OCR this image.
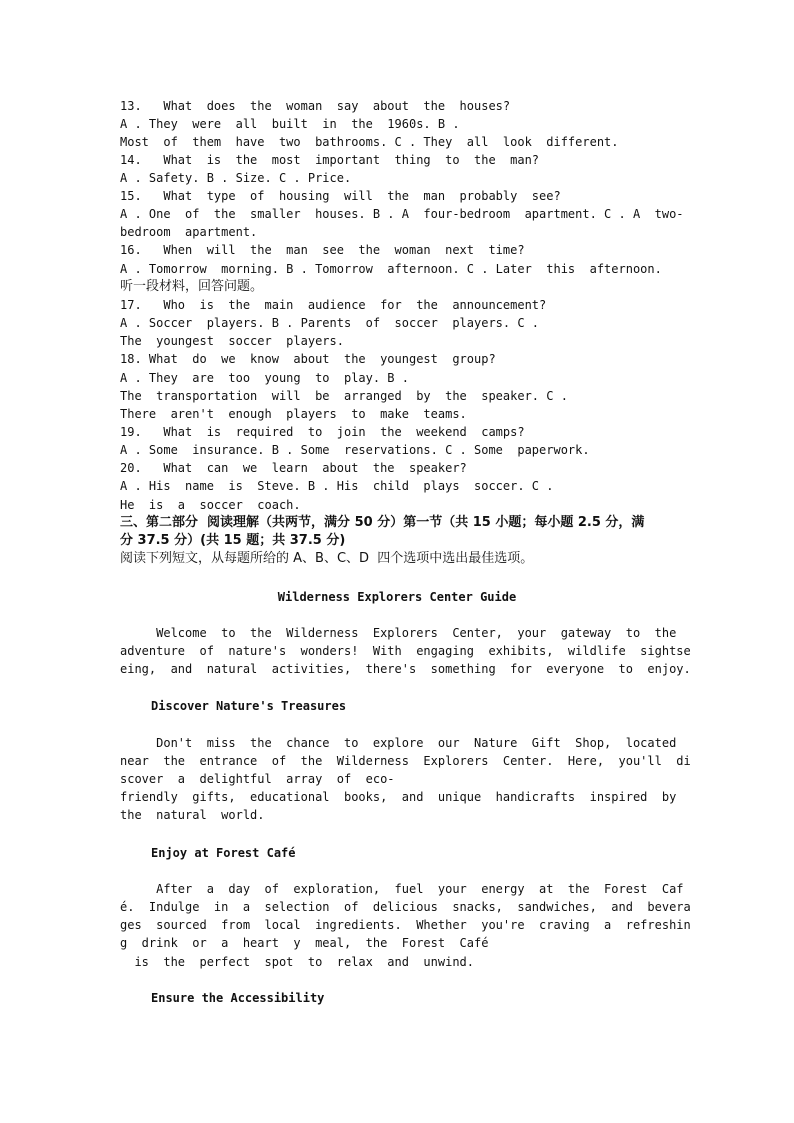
13.   What  does  the  woman  say  about  the  houses?
A . They  were  all  built  in  the  1960s. B .
Most  of  them  have  two  bathrooms. C . They  all  look  different.
14.   What  is  the  most  important  thing  to  the  man?
A . Safety. B . Size. C . Price.
15.   What  type  of  housing  will  the  man  probably  see?
A . One  of  the  smaller  houses. B . A  four-bedroom  apartment. C . A  two-
bedroom  apartment.
16.   When  will  the  man  see  the  woman  next  time?
A . Tomorrow  morning. B . Tomorrow  afternoon. C . Later  this  afternoon.
听一段材料，回答问题。
17.   Who  is  the  main  audience  for  the  announcement?
A . Soccer  players. B . Parents  of  soccer  players. C .
The  youngest  soccer  players.
18. What  do  we  know  about  the  youngest  group?
A . They  are  too  young  to  play. B .
The  transportation  will  be  arranged  by  the  speaker. C .
There  aren't  enough  players  to  make  teams.
19.   What  is  required  to  join  the  weekend  camps?
A . Some  insurance. B . Some  reservations. C . Some  paperwork.
20.   What  can  we  learn  about  the  speaker?
A . His  name  is  Steve. B . His  child  plays  soccer. C .
He  is  a  soccer  coach.
三、第二部分  阅读理解（共两节，满分 50 分）第一节（共 15 小题；每小题 2.5 分，满
分 37.5 分）(共 15 题；共 37.5 分)
阅读下列短文，从每题所给的 A、B、C、D  四个选项中选出最佳选项。
Wilderness Explorers Center Guide
Welcome  to  the  Wilderness  Explorers  Center,  your  gateway  to  the
adventure  of  nature's  wonders!  With  engaging  exhibits,  wildlife  sightse
eing,  and  natural  activities,  there's  something  for  everyone  to  enjoy.
Discover Nature's Treasures
Don't  miss  the  chance  to  explore  our  Nature  Gift  Shop,  located
near  the  entrance  of  the  Wilderness  Explorers  Center.  Here,  you'll  di
scover  a  delightful  array  of  eco-
friendly  gifts,  educational  books,  and  unique  handicrafts  inspired  by
the  natural  world.
Enjoy at Forest Café
After  a  day  of  exploration,  fuel  your  energy  at  the  Forest  Caf
é.  Indulge  in  a  selection  of  delicious  snacks,  sandwiches,  and  bevera
ges  sourced  from  local  ingredients.  Whether  you're  craving  a  refreshin
g  drink  or  a  heart  y  meal,  the  Forest  Café
is  the  perfect  spot  to  relax  and  unwind.
Ensure the Accessibility
